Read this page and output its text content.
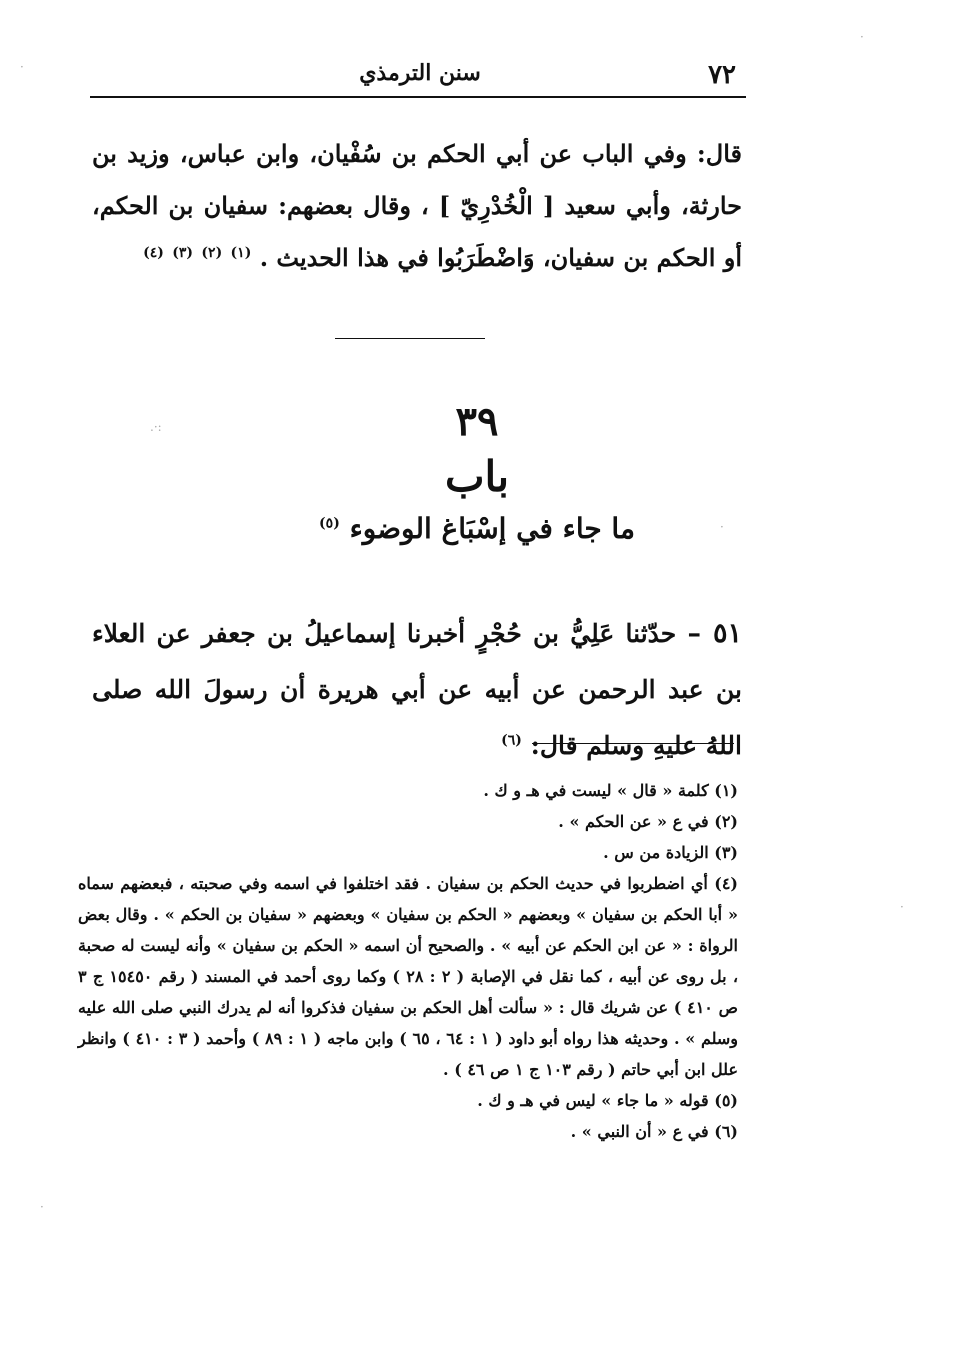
٧٢
سنن الترمذي
قال: وفي الباب عن أبي الحكم بن سُفْيان، وابن عباس، وزيد بن حارثة، وأبي سعيد [ الْخُدْرِيّ ] ، وقال بعضهم: سفيان بن الحكم، أو الحكم بن سفيان، وَاضْطَرَبُوا في هذا الحديث . $^{(١)}$ $^{(٢)}$ $^{(٣)}$ $^{(٤)}$
٣٩
باب
ما جاء في إسْبَاغ الوضوء $^{(٥)}$
٥١ – حدّثنا عَلِيُّ بن حُجْرٍ أخبرنا إسماعيلُ بن جعفر عن العلاء بن عبد الرحمن عن أبيه عن أبي هريرة أن رسولَ الله صلى اللهُ عليهِ وسلم قال: $^{(٦)}$

(١) كلمة « قال » ليست في هـ و ك .

(٢) في ع « عن الحكم » .

(٣) الزيادة من س .

(٤) أي اضطربوا في حديث الحكم بن سفيان . فقد اختلفوا في اسمه وفي صحبته ، فبعضهم سماه « أبا الحكم بن سفيان » وبعضهم « الحكم بن سفيان » وبعضهم « سفيان بن الحكم » . وقال بعض الرواة : « عن ابن الحكم عن أبيه » . والصحيح أن اسمه « الحكم بن سفيان » وأنه ليست له صحبة ، بل روى عن أبيه ، كما نقل في الإصابة ( ٢ : ٢٨ ) وكما روى أحمد في المسند ( رقم ١٥٤٥٠ ج ٣ ص ٤١٠ ) عن شريك قال : « سألت أهل الحكم بن سفيان فذكروا أنه لم يدرك النبي صلى الله عليه وسلم » . وحديثه هذا رواه أبو داود ( ١ : ٦٤ ، ٦٥ ) وابن ماجه ( ١ : ٨٩ ) وأحمد ( ٣ : ٤١٠ ) وانظر علل ابن أبي حاتم ( رقم ١٠٣ ج ١ ص ٤٦ ) .

(٥) قوله « ما جاء » ليس في هـ و ك .

(٦) في ع « أن النبي » .

·
·
:·.
·
·
·
